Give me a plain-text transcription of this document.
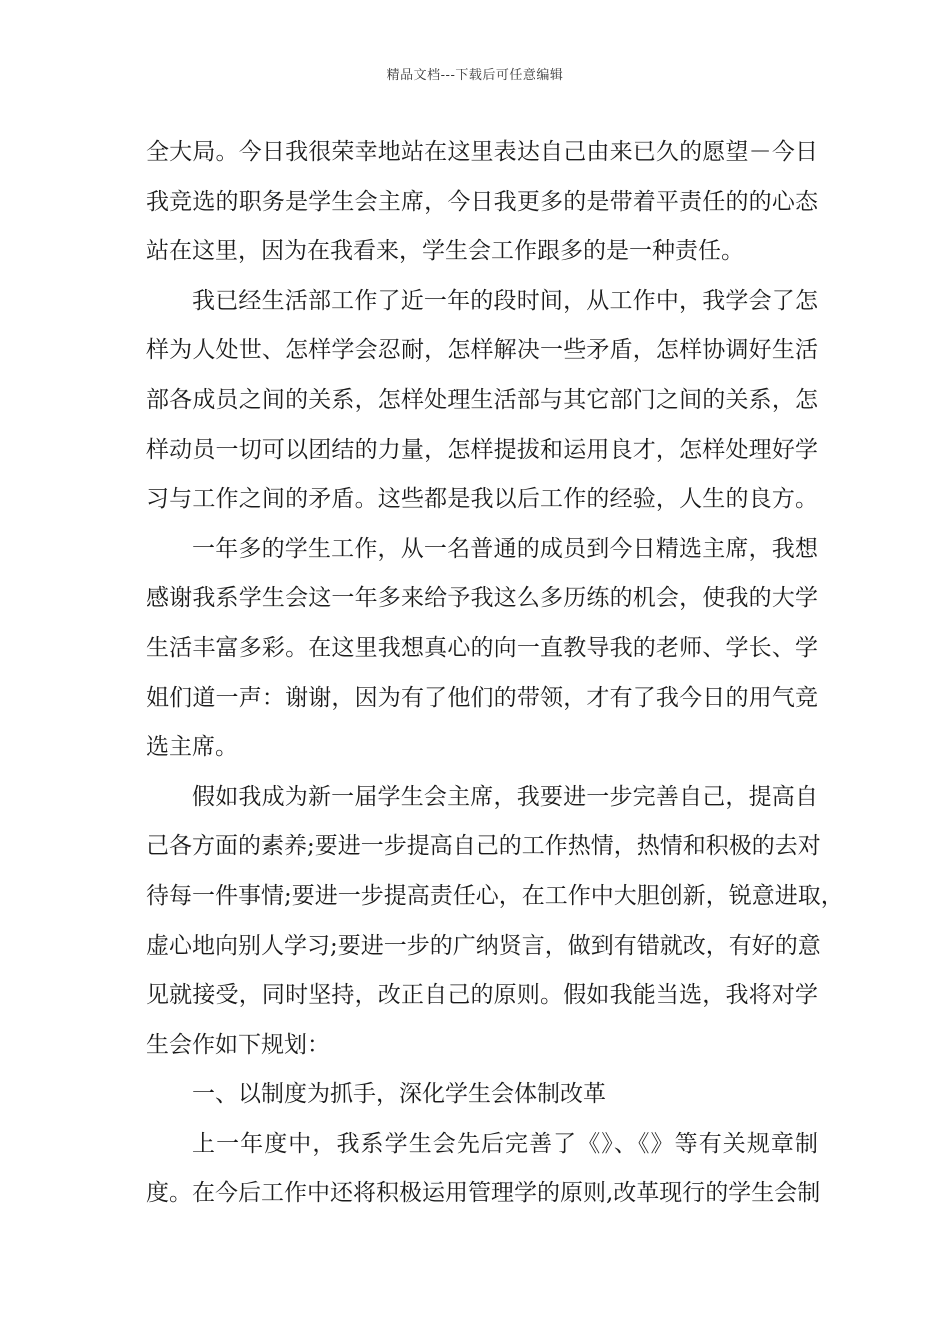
精品文档---下载后可任意编辑
全大局。今日我很荣幸地站在这里表达自己由来已久的愿望－今日
我竞选的职务是学生会主席，今日我更多的是带着平责任的的心态
站在这里，因为在我看来，学生会工作跟多的是一种责任。
我已经生活部工作了近一年的段时间，从工作中，我学会了怎
样为人处世、怎样学会忍耐，怎样解决一些矛盾，怎样协调好生活
部各成员之间的关系，怎样处理生活部与其它部门之间的关系，怎
样动员一切可以团结的力量，怎样提拔和运用良才，怎样处理好学
习与工作之间的矛盾。这些都是我以后工作的经验，人生的良方。
一年多的学生工作，从一名普通的成员到今日精选主席，我想
感谢我系学生会这一年多来给予我这么多历练的机会，使我的大学
生活丰富多彩。在这里我想真心的向一直教导我的老师、学长、学
姐们道一声：谢谢，因为有了他们的带领，才有了我今日的用气竞
选主席。
假如我成为新一届学生会主席，我要进一步完善自己，提高自
己各方面的素养;要进一步提高自己的工作热情，热情和积极的去对
待每一件事情;要进一步提高责任心，在工作中大胆创新，锐意进取，
虚心地向别人学习;要进一步的广纳贤言，做到有错就改，有好的意
见就接受，同时坚持，改正自己的原则。假如我能当选，我将对学
生会作如下规划：
一、以制度为抓手，深化学生会体制改革
上一年度中，我系学生会先后完善了《》、《》等有关规章制
度。在今后工作中还将积极运用管理学的原则,改革现行的学生会制
